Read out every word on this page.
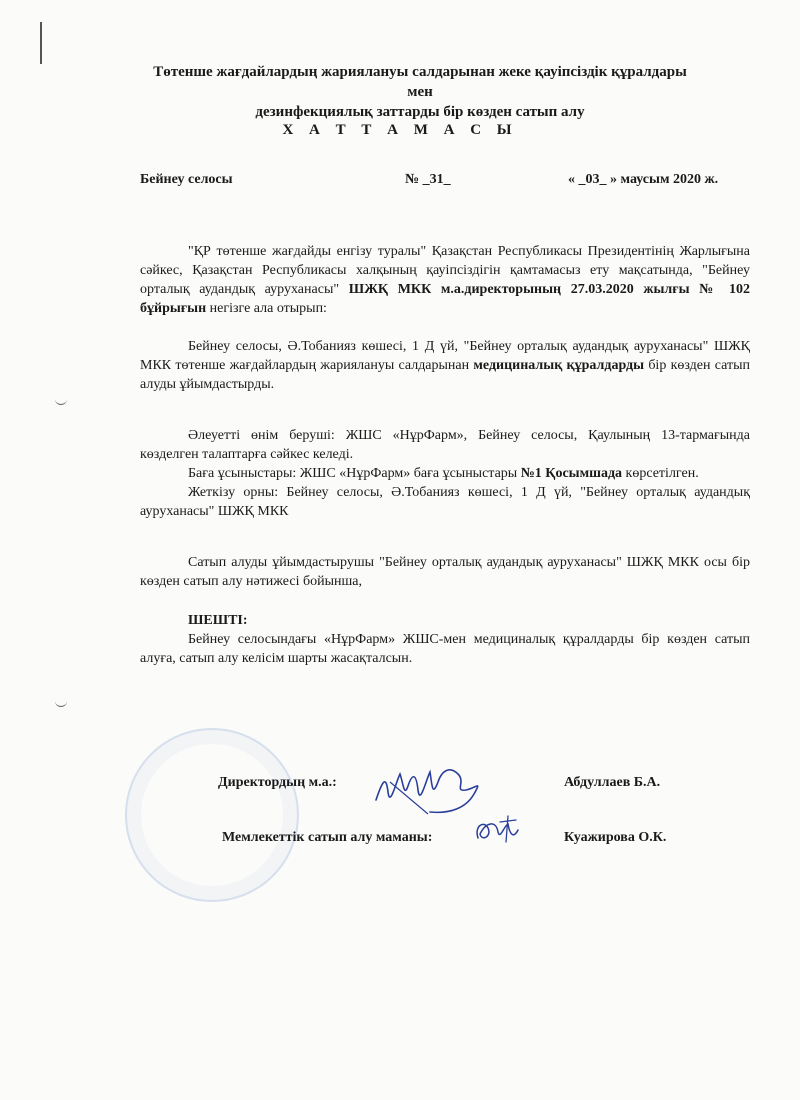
Төтенше жағдайлардың жариялануы салдарынан жеке қауіпсіздік құралдары мен
дезинфекциялық заттарды бір көзден сатып алу
Х А Т Т А М А С Ы
Бейнеу селосы	№ _31_	« _03_ » маусым 2020 ж.

"ҚР төтенше жағдайды енгізу туралы" Қазақстан Республикасы Президентінің Жарлығына сәйкес, Қазақстан Республикасы халқының қауіпсіздігін қамтамасыз ету мақсатында, "Бейнеу орталық аудандық ауруханасы" ШЖҚ МКК м.а.директорының 27.03.2020 жылғы № 102 бұйрығын негізге ала отырып:

Бейнеу селосы, Ә.Тобанияз көшесі, 1 Д үй, "Бейнеу орталық аудандық ауруханасы" ШЖҚ МКК төтенше жағдайлардың жариялануы салдарынан медициналық құралдарды бір көзден сатып алуды ұйымдастырды.

Әлеуетті өнім беруші: ЖШС «НұрФарм», Бейнеу селосы, Қаулының 13-тармағында көзделген талаптарға сәйкес келеді.

Баға ұсыныстары: ЖШС «НұрФарм» баға ұсыныстары №1 Қосымшада көрсетілген.

Жеткізу орны: Бейнеу селосы, Ә.Тобанияз көшесі, 1 Д үй, "Бейнеу орталық аудандық ауруханасы" ШЖҚ МКК

Сатып алуды ұйымдастырушы "Бейнеу орталық аудандық ауруханасы" ШЖҚ МКК осы бір көзден сатып алу нәтижесі бойынша,

ШЕШТІ:

Бейнеу селосындағы «НұрФарм» ЖШС-мен медициналық құралдарды бір көзден сатып алуға, сатып алу келісім шарты жасақталсын.

Директордың м.а.:	Абдуллаев Б.А.
Мемлекеттік сатып алу маманы:	Куажирова О.К.
